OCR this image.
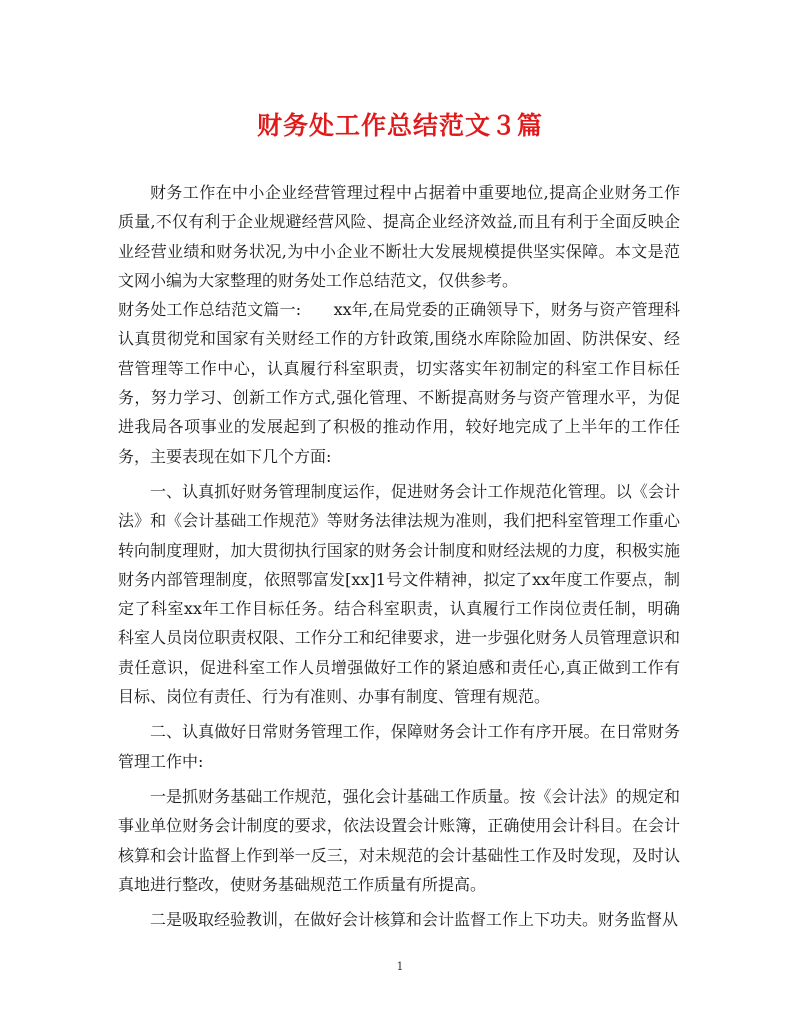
财务处工作总结范文３篇

财务工作在中小企业经营管理过程中占据着中重要地位,提高企业财务工作质量,不仅有利于企业规避经营风险、提高企业经济效益,而且有利于全面反映企业经营业绩和财务状况,为中小企业不断壮大发展规模提供坚实保障。本文是范文网小编为大家整理的财务处工作总结范文，仅供参考。

财务处工作总结范文篇一:　　xx年,在局党委的正确领导下，财务与资产管理科认真贯彻党和国家有关财经工作的方针政策,围绕水库除险加固、防洪保安、经营管理等工作中心，认真履行科室职责，切实落实年初制定的科室工作目标任务，努力学习、创新工作方式,强化管理、不断提高财务与资产管理水平，为促进我局各项事业的发展起到了积极的推动作用，较好地完成了上半年的工作任务，主要表现在如下几个方面:

一、认真抓好财务管理制度运作，促进财务会计工作规范化管理。以《会计法》和《会计基础工作规范》等财务法律法规为准则，我们把科室管理工作重心转向制度理财，加大贯彻执行国家的财务会计制度和财经法规的力度，积极实施财务内部管理制度，依照鄂富发[xx]1号文件精神，拟定了xx年度工作要点，制定了科室xx年工作目标任务。结合科室职责，认真履行工作岗位责任制，明确科室人员岗位职责权限、工作分工和纪律要求，进一步强化财务人员管理意识和责任意识，促进科室工作人员增强做好工作的紧迫感和责任心,真正做到工作有目标、岗位有责任、行为有准则、办事有制度、管理有规范。

二、认真做好日常财务管理工作，保障财务会计工作有序开展。在日常财务管理工作中:

一是抓财务基础工作规范，强化会计基础工作质量。按《会计法》的规定和事业单位财务会计制度的要求，依法设置会计账簿，正确使用会计科目。在会计核算和会计监督上作到举一反三，对未规范的会计基础性工作及时发现，及时认真地进行整改，使财务基础规范工作质量有所提高。

二是吸取经验教训，在做好会计核算和会计监督工作上下功夫。财务监督从

1
